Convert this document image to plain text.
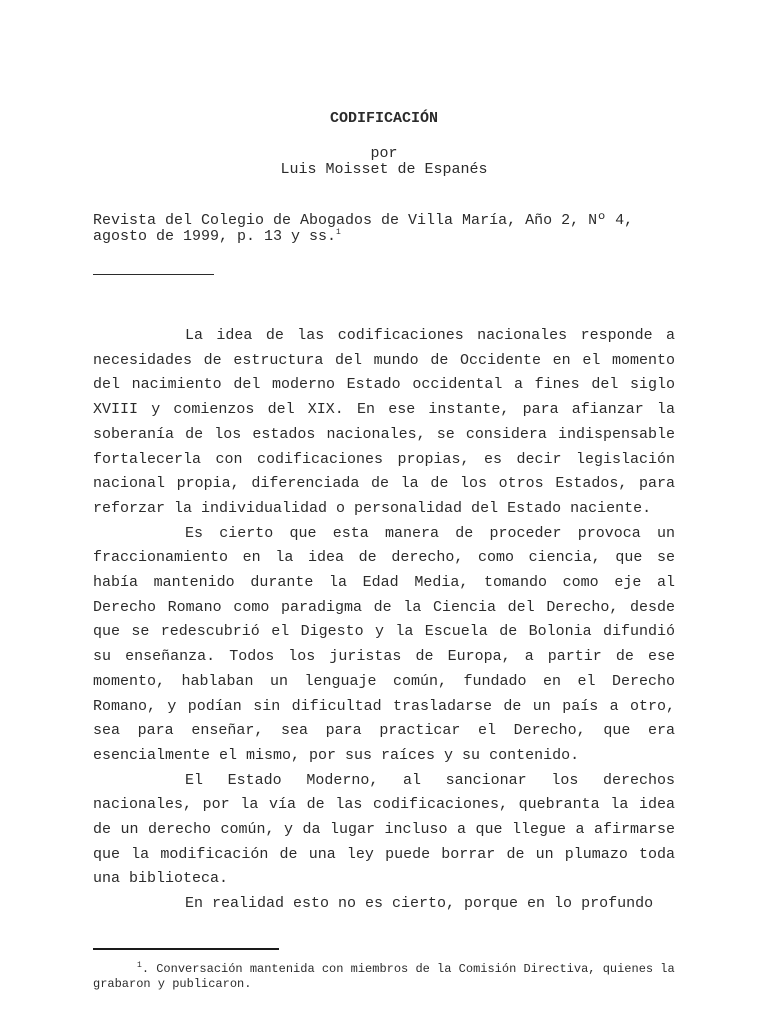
CODIFICACIÓN
por
Luis Moisset de Espanés
Revista del Colegio de Abogados de Villa María, Año 2, Nº 4,
agosto de 1999, p. 13 y ss.$^1$

La idea de las codificaciones nacionales responde a necesidades de estructura del mundo de Occidente en el momento del nacimiento del moderno Estado occidental a fines del siglo XVIII y comienzos del XIX. En ese instante, para afianzar la soberanía de los estados nacionales, se considera indispensable fortalecerla con codificaciones propias, es decir legislación nacional propia, diferenciada de la de los otros Estados, para reforzar la individualidad o personalidad del Estado naciente.

Es cierto que esta manera de proceder provoca un fraccionamiento en la idea de derecho, como ciencia, que se había mantenido durante la Edad Media, tomando como eje al Derecho Romano como paradigma de la Ciencia del Derecho, desde que se redescubrió el Digesto y la Escuela de Bolonia difundió su enseñanza. Todos los juristas de Europa, a partir de ese momento, hablaban un lenguaje común, fundado en el Derecho Romano, y podían sin dificultad trasladarse de un país a otro, sea para enseñar, sea para practicar el Derecho, que era esencialmente el mismo, por sus raíces y su contenido.

El Estado Moderno, al sancionar los derechos nacionales, por la vía de las codificaciones, quebranta la idea de un derecho común, y da lugar incluso a que llegue a afirmarse que la modificación de una ley puede borrar de un plumazo toda una biblioteca.

En realidad esto no es cierto, porque en lo profundo

$^1$. Conversación mantenida con miembros de la Comisión Directiva, quienes la grabaron y publicaron.
